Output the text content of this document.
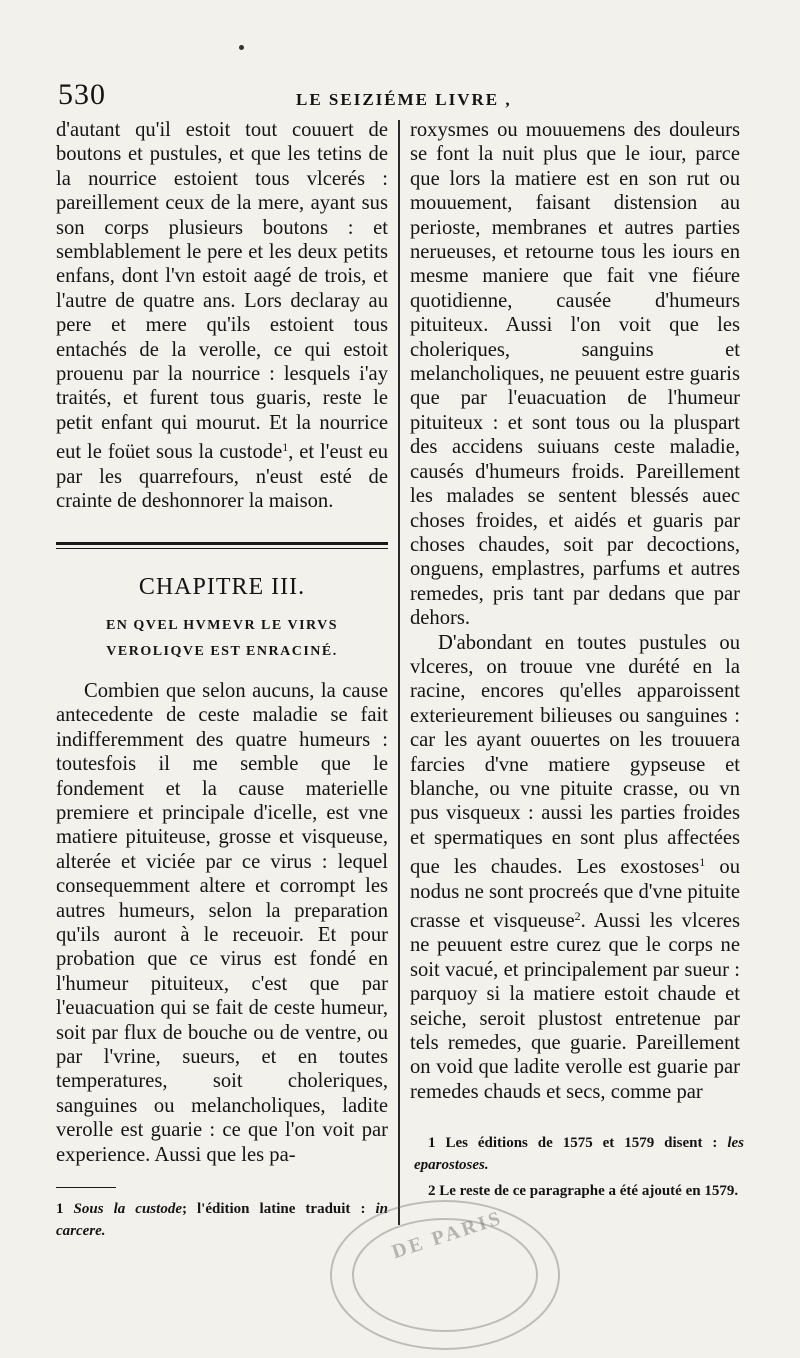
530	LE SEIZIÉME LIVRE ,

d'autant qu'il estoit tout couuert de boutons et pustules, et que les tetins de la nourrice estoient tous vlcerés : pareillement ceux de la mere, ayant sus son corps plusieurs boutons : et semblablement le pere et les deux petits enfans, dont l'vn estoit aagé de trois, et l'autre de quatre ans. Lors declaray au pere et mere qu'ils estoient tous entachés de la verolle, ce qui estoit prouenu par la nourrice : lesquels i'ay traités, et furent tous guaris, reste le petit enfant qui mourut. Et la nourrice eut le foüet sous la custode$^1$, et l'eust eu par les quarrefours, n'eust esté de crainte de deshonnorer la maison.

CHAPITRE III.

EN QVEL HVMEVR LE VIRVS VEROLIQVE EST ENRACINÉ.

Combien que selon aucuns, la cause antecedente de ceste maladie se fait indifferemment des quatre humeurs : toutesfois il me semble que le fondement et la cause materielle premiere et principale d'icelle, est vne matiere pituiteuse, grosse et visqueuse, alterée et viciée par ce virus : lequel consequemment altere et corrompt les autres humeurs, selon la preparation qu'ils auront à le receuoir. Et pour probation que ce virus est fondé en l'humeur pituiteux, c'est que par l'euacuation qui se fait de ceste humeur, soit par flux de bouche ou de ventre, ou par l'vrine, sueurs, et en toutes temperatures, soit choleriques, sanguines ou melancholiques, ladite verolle est guarie : ce que l'on voit par experience. Aussi que les pa-

1 Sous la custode; l'édition latine traduit : in carcere.

roxysmes ou mouuemens des douleurs se font la nuit plus que le iour, parce que lors la matiere est en son rut ou mouuement, faisant distension au perioste, membranes et autres parties nerueuses, et retourne tous les iours en mesme maniere que fait vne fiéure quotidienne, causée d'humeurs pituiteux. Aussi l'on voit que les choleriques, sanguins et melancholiques, ne peuuent estre guaris que par l'euacuation de l'humeur pituiteux : et sont tous ou la pluspart des accidens suiuans ceste maladie, causés d'humeurs froids. Pareillement les malades se sentent blessés auec choses froides, et aidés et guaris par choses chaudes, soit par decoctions, onguens, emplastres, parfums et autres remedes, pris tant par dedans que par dehors.

D'abondant en toutes pustules ou vlceres, on trouue vne durété en la racine, encores qu'elles apparoissent exterieurement bilieuses ou sanguines : car les ayant ouuertes on les trouuera farcies d'vne matiere gypseuse et blanche, ou vne pituite crasse, ou vn pus visqueux : aussi les parties froides et spermatiques en sont plus affectées que les chaudes. Les exostoses$^1$ ou nodus ne sont procreés que d'vne pituite crasse et visqueuse$^2$. Aussi les vlceres ne peuuent estre curez que le corps ne soit vacué, et principalement par sueur : parquoy si la matiere estoit chaude et seiche, seroit plustost entretenue par tels remedes, que guarie. Pareillement on void que ladite verolle est guarie par remedes chauds et secs, comme par

1 Les éditions de 1575 et 1579 disent : les eparostoses.

2 Le reste de ce paragraphe a été ajouté en 1579.

DE PARIS
